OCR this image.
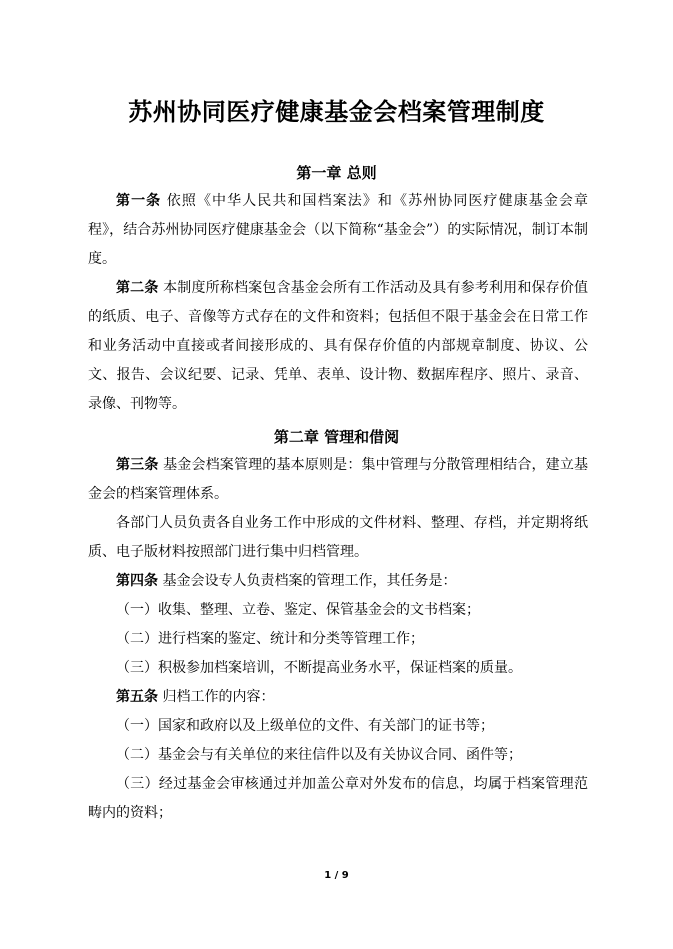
苏州协同医疗健康基金会档案管理制度
第一章 总则
第一条 依照《中华人民共和国档案法》和《苏州协同医疗健康基金会章程》，结合苏州协同医疗健康基金会（以下简称“基金会”）的实际情况，制订本制度。
第二条 本制度所称档案包含基金会所有工作活动及具有参考利用和保存价值的纸质、电子、音像等方式存在的文件和资料；包括但不限于基金会在日常工作和业务活动中直接或者间接形成的、具有保存价值的内部规章制度、协议、公文、报告、会议纪要、记录、凭单、表单、设计物、数据库程序、照片、录音、录像、刊物等。
第二章 管理和借阅
第三条 基金会档案管理的基本原则是：集中管理与分散管理相结合，建立基金会的档案管理体系。
各部门人员负责各自业务工作中形成的文件材料、整理、存档，并定期将纸质、电子版材料按照部门进行集中归档管理。
第四条 基金会设专人负责档案的管理工作，其任务是：
（一）收集、整理、立卷、鉴定、保管基金会的文书档案；
（二）进行档案的鉴定、统计和分类等管理工作；
（三）积极参加档案培训，不断提高业务水平，保证档案的质量。
第五条 归档工作的内容：
（一）国家和政府以及上级单位的文件、有关部门的证书等；
（二）基金会与有关单位的来往信件以及有关协议合同、函件等；
（三）经过基金会审核通过并加盖公章对外发布的信息，均属于档案管理范畴内的资料；
1 / 9
